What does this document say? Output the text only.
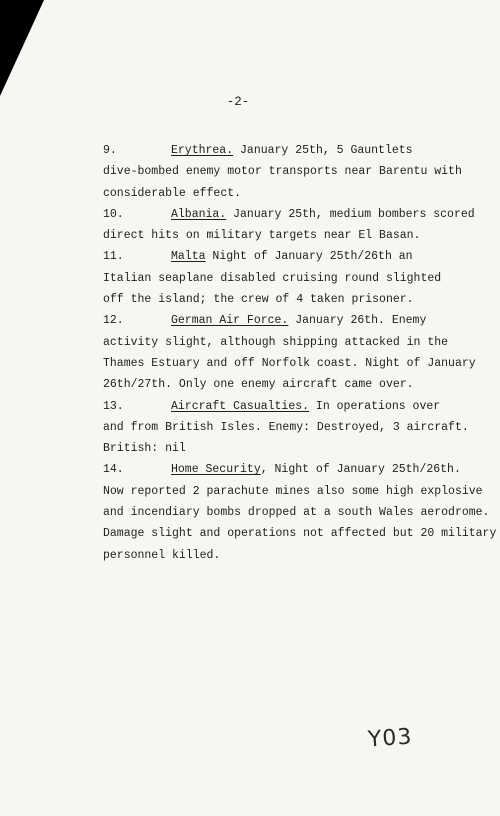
-2-
9.	Erythrea. January 25th, 5 Gauntlets
dive-bombed enemy motor transports near Barentu with
considerable effect.
10.	Albania. January 25th, medium bombers scored
direct hits on military targets near El Basan.
11.	Malta Night of January 25th/26th an
Italian seaplane disabled cruising round slighted
off the island; the crew of 4 taken prisoner.
12.	German Air Force. January 26th. Enemy
activity slight, although shipping attacked in the
Thames Estuary and off Norfolk coast. Night of January
26th/27th. Only one enemy aircraft came over.
13.	Aircraft Casualties. In operations over
and from British Isles. Enemy: Destroyed, 3 aircraft.
British: nil
14.	Home Security, Night of January 25th/26th.
Now reported 2 parachute mines also some high explosive
and incendiary bombs dropped at a south Wales aerodrome.
Damage slight and operations not affected but 20 military
personnel killed.
Y03
· · · ·
